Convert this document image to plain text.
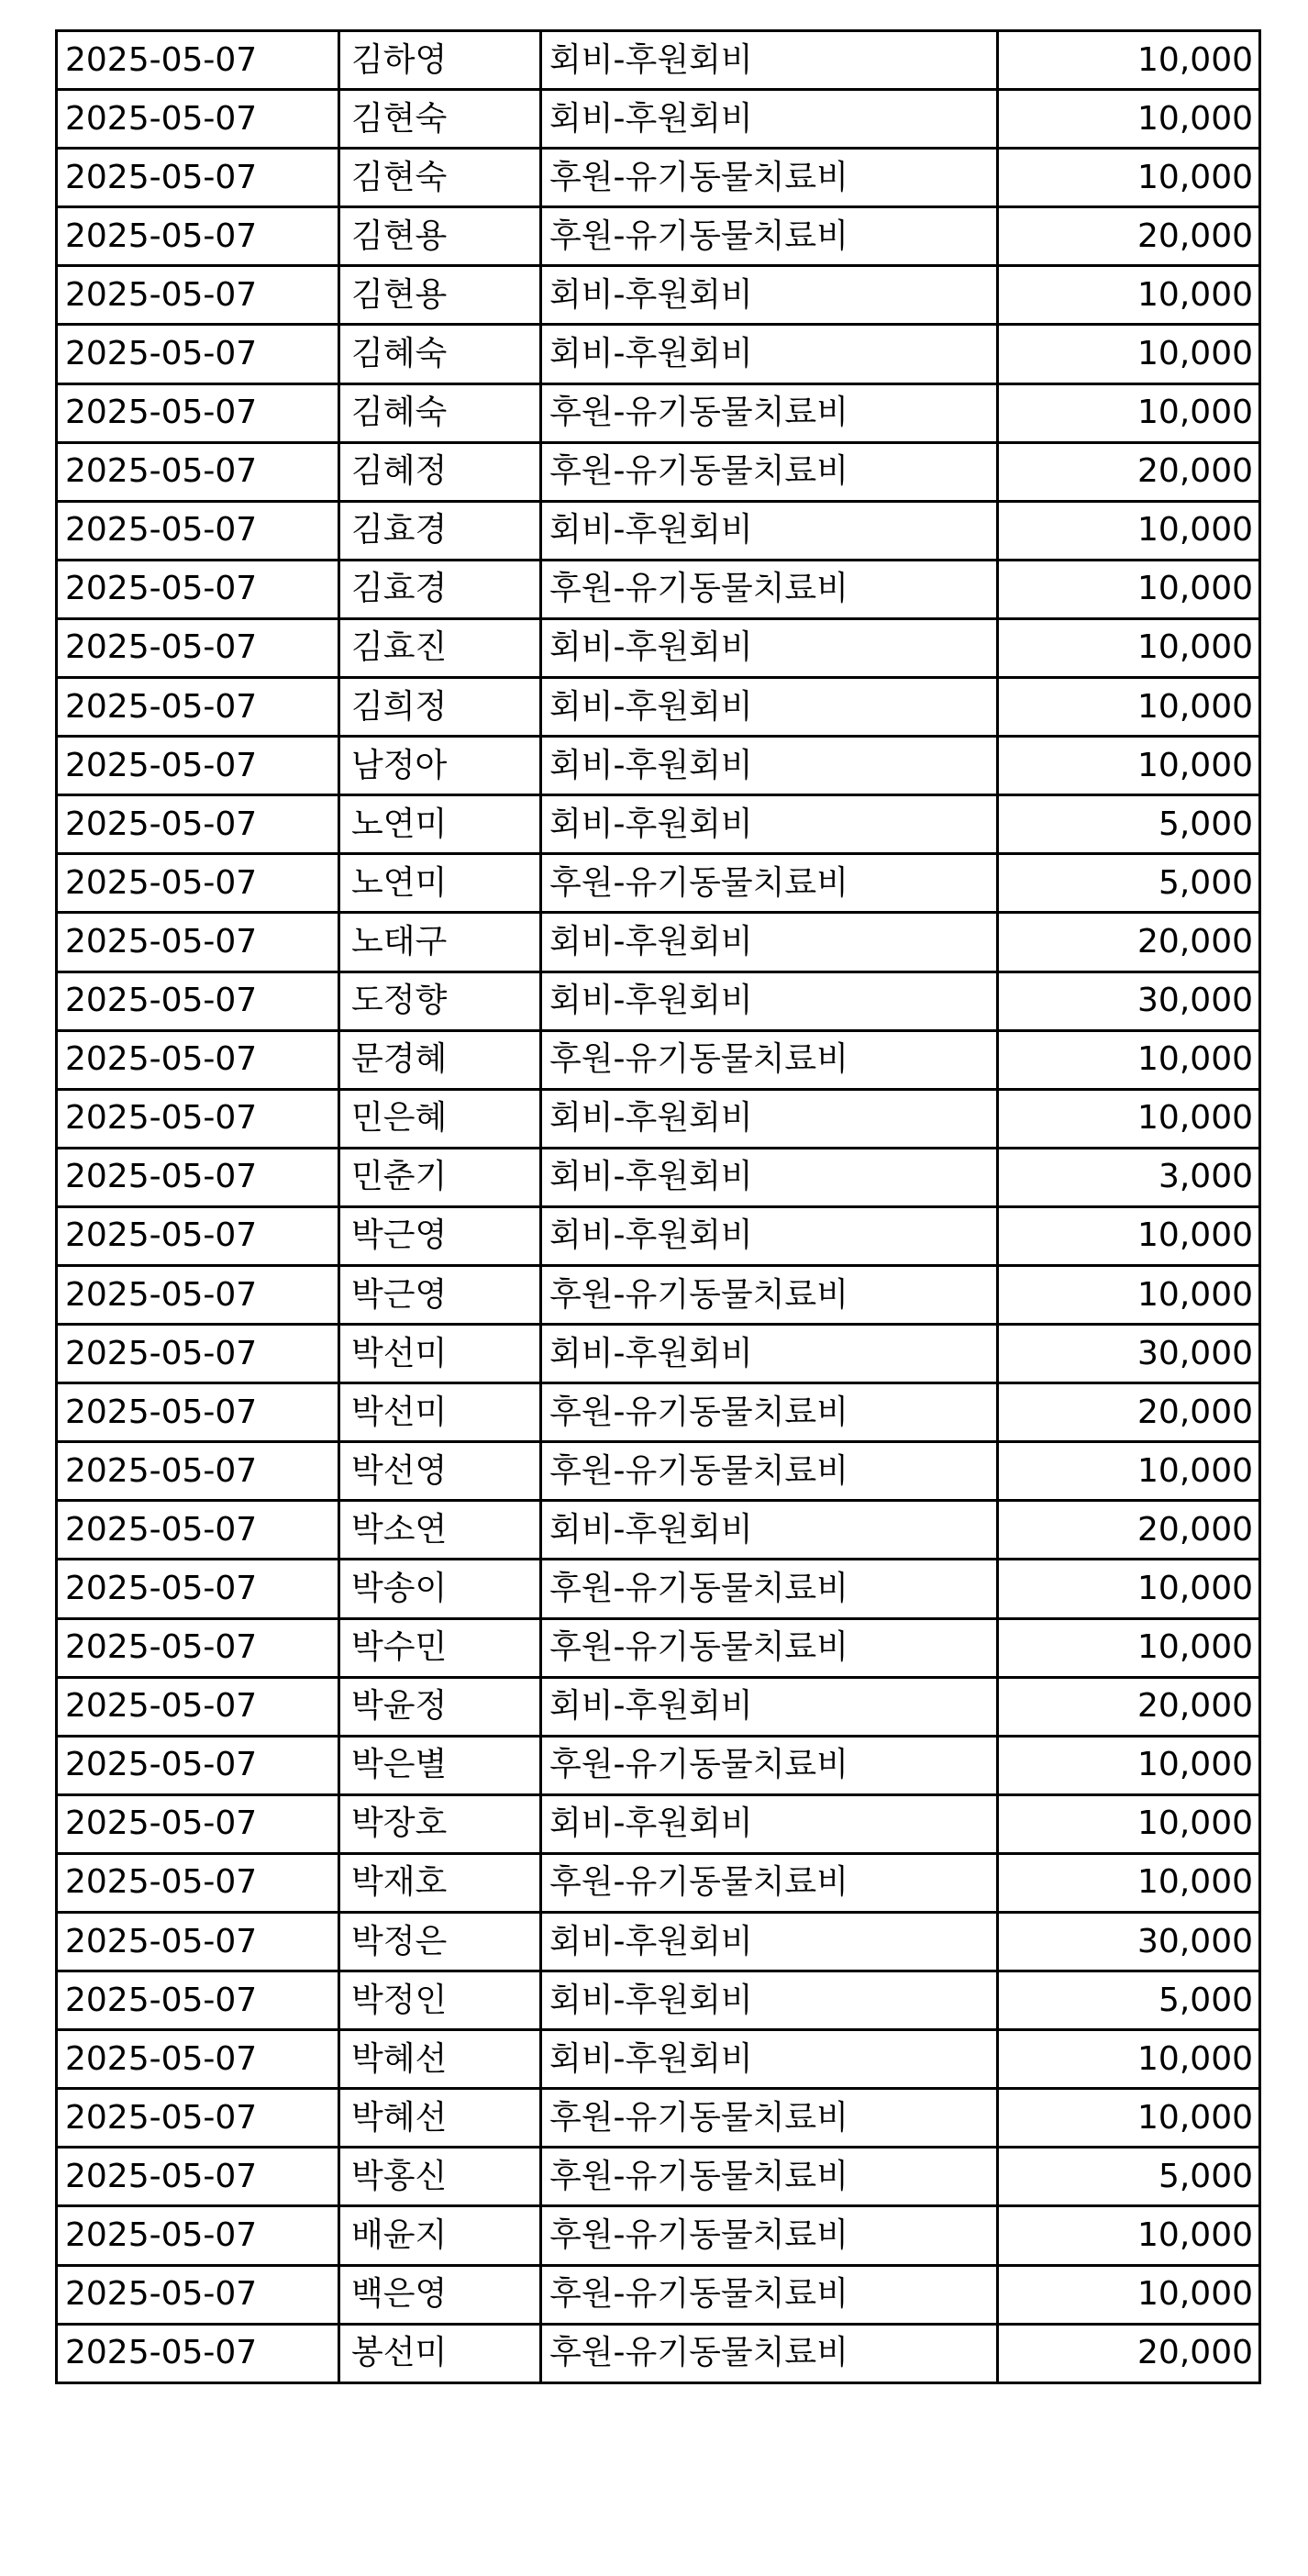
2025-05-07	김하영	회비-후원회비	10,000
2025-05-07	김현숙	회비-후원회비	10,000
2025-05-07	김현숙	후원-유기동물치료비	10,000
2025-05-07	김현용	후원-유기동물치료비	20,000
2025-05-07	김현용	회비-후원회비	10,000
2025-05-07	김혜숙	회비-후원회비	10,000
2025-05-07	김혜숙	후원-유기동물치료비	10,000
2025-05-07	김혜정	후원-유기동물치료비	20,000
2025-05-07	김효경	회비-후원회비	10,000
2025-05-07	김효경	후원-유기동물치료비	10,000
2025-05-07	김효진	회비-후원회비	10,000
2025-05-07	김희정	회비-후원회비	10,000
2025-05-07	남정아	회비-후원회비	10,000
2025-05-07	노연미	회비-후원회비	5,000
2025-05-07	노연미	후원-유기동물치료비	5,000
2025-05-07	노태구	회비-후원회비	20,000
2025-05-07	도정향	회비-후원회비	30,000
2025-05-07	문경혜	후원-유기동물치료비	10,000
2025-05-07	민은혜	회비-후원회비	10,000
2025-05-07	민춘기	회비-후원회비	3,000
2025-05-07	박근영	회비-후원회비	10,000
2025-05-07	박근영	후원-유기동물치료비	10,000
2025-05-07	박선미	회비-후원회비	30,000
2025-05-07	박선미	후원-유기동물치료비	20,000
2025-05-07	박선영	후원-유기동물치료비	10,000
2025-05-07	박소연	회비-후원회비	20,000
2025-05-07	박송이	후원-유기동물치료비	10,000
2025-05-07	박수민	후원-유기동물치료비	10,000
2025-05-07	박윤정	회비-후원회비	20,000
2025-05-07	박은별	후원-유기동물치료비	10,000
2025-05-07	박장호	회비-후원회비	10,000
2025-05-07	박재호	후원-유기동물치료비	10,000
2025-05-07	박정은	회비-후원회비	30,000
2025-05-07	박정인	회비-후원회비	5,000
2025-05-07	박혜선	회비-후원회비	10,000
2025-05-07	박혜선	후원-유기동물치료비	10,000
2025-05-07	박홍신	후원-유기동물치료비	5,000
2025-05-07	배윤지	후원-유기동물치료비	10,000
2025-05-07	백은영	후원-유기동물치료비	10,000
2025-05-07	봉선미	후원-유기동물치료비	20,000
